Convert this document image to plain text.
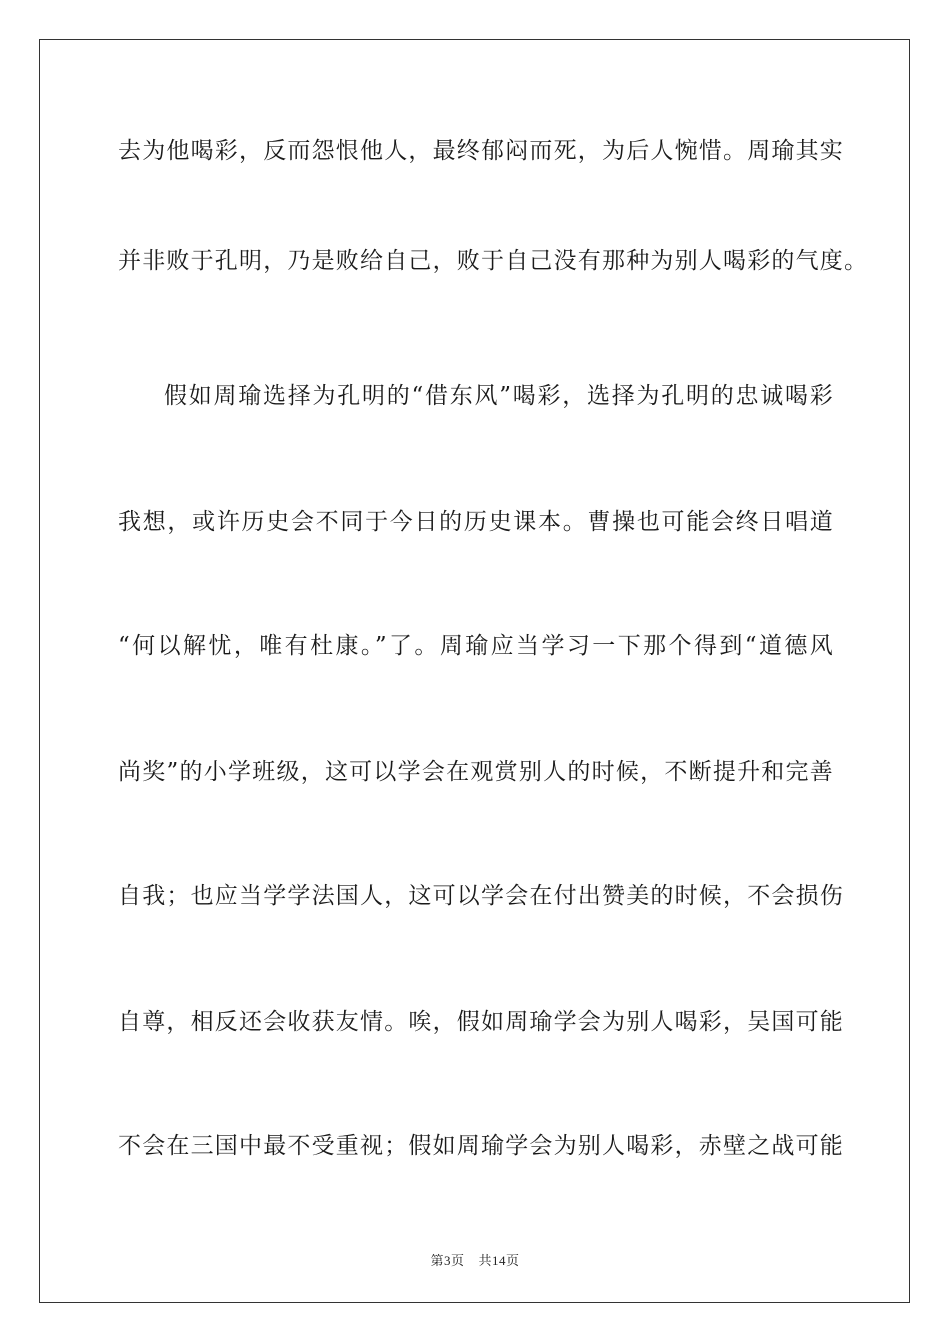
去为他喝彩，反而怨恨他人，最终郁闷而死，为后人惋惜。周瑜其实
并非败于孔明，乃是败给自己，败于自己没有那种为别人喝彩的气度。
假如周瑜选择为孔明的“借东风”喝彩，选择为孔明的忠诚喝彩
我想，或许历史会不同于今日的历史课本。曹操也可能会终日唱道
“何以解忧，唯有杜康。”了。周瑜应当学习一下那个得到“道德风
尚奖”的小学班级，这可以学会在观赏别人的时候，不断提升和完善
自我；也应当学学法国人，这可以学会在付出赞美的时候，不会损伤
自尊，相反还会收获友情。唉，假如周瑜学会为别人喝彩，吴国可能
不会在三国中最不受重视；假如周瑜学会为别人喝彩，赤壁之战可能
第3页 共14页
